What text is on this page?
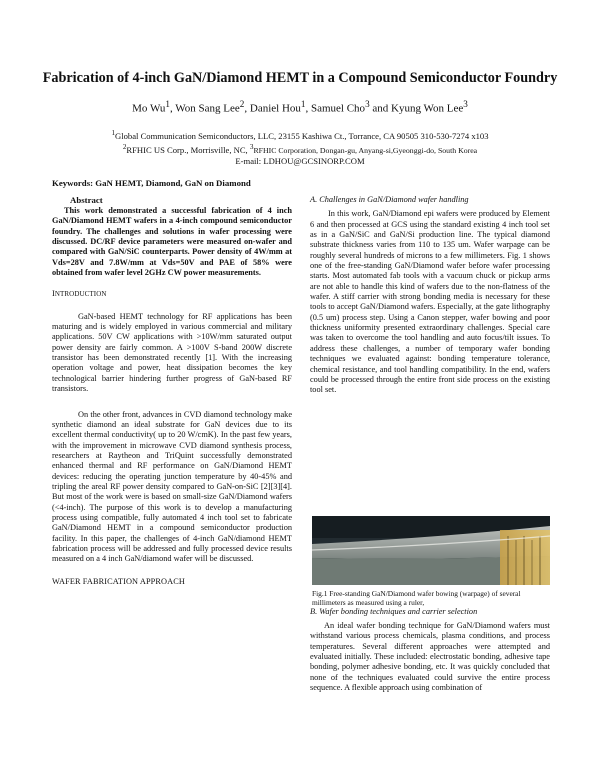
Fabrication of 4-inch GaN/Diamond HEMT in a Compound Semiconductor Foundry
Mo Wu$^1$, Won Sang Lee$^2$, Daniel Hou$^1$, Samuel Cho$^3$ and Kyung Won Lee$^3$
$^1$Global Communication Semiconductors, LLC, 23155 Kashiwa Ct., Torrance, CA 90505 310-530-7274 x103
$^2$RFHIC US Corp., Morrisville, NC, $^3$RFHIC Corporation, Dongan-gu, Anyang-si,Gyeonggi-do, South Korea
E-mail: LDHOU@GCSINORP.COM
Keywords: GaN HEMT, Diamond, GaN on Diamond
Abstract

This work demonstrated a successful fabrication of 4 inch GaN/Diamond HEMT wafers in a 4-inch compound semiconductor foundry. The challenges and solutions in wafer processing were discussed. DC/RF device parameters were measured on-wafer and compared with GaN/SiC counterparts. Power density of 4W/mm at Vds=28V and 7.8W/mm at Vds=50V and PAE of 58% were obtained from wafer level 2GHz CW power measurements.

INTRODUCTION

GaN-based HEMT technology for RF applications has been maturing and is widely employed in various commercial and military applications. 50V CW applications with >10W/mm saturated output power density are fairly common. A >100V S-band 200W discrete transistor has been demonstrated recently [1]. With the increasing operation voltage and power, heat dissipation becomes the key technological barrier hindering further progress of GaN-based RF transistors.

On the other front, advances in CVD diamond technology make synthetic diamond an ideal substrate for GaN devices due to its excellent thermal conductivity( up to 20 W/cmK). In the past few years, with the improvement in microwave CVD diamond synthesis process, researchers at Raytheon and TriQuint successfully demonstrated enhanced thermal and RF performance on GaN/Diamond HEMT devices: reducing the operating junction temperature by 40-45% and tripling the areal RF power density compared to GaN-on-SiC [2][3][4]. But most of the work were is based on small-size GaN/Diamond wafers (<4-inch). The purpose of this work is to develop a manufacturing process using compatible, fully automated 4 inch tool set to fabricate GaN/Diamond HEMT in a compound semiconductor production facility. In this paper, the challenges of 4-inch GaN/diamond HEMT fabrication process will be addressed and fully processed device results measured on a 4 inch GaN/diamond wafer will be discussed.

WAFER FABRICATION APPROACH
A. Challenges in GaN/Diamond wafer handling

In this work, GaN/Diamond epi wafers were produced by Element 6 and then processed at GCS using the standard existing 4 inch tool set as in a GaN/SiC and GaN/Si production line. The typical diamond substrate thickness varies from 110 to 135 um. Wafer warpage can be roughly several hundreds of microns to a few millimeters. Fig. 1 shows one of the free-standing GaN/Diamond wafer before wafer processing starts. Most automated fab tools with a vacuum chuck or pickup arms are not able to handle this kind of wafers due to the non-flatness of the wafer. A stiff carrier with strong bonding media is necessary for these tools to accept GaN/Diamond wafers. Especially, at the gate lithography (0.5 um) process step. Using a Canon stepper, wafer bowing and poor thickness uniformity presented extraordinary challenges. Special care was taken to overcome the tool handling and auto focus/tilt issues. To address these challenges, a number of temporary wafer bonding techniques we evaluated against: bonding temperature tolerance, chemical resistance, and tool handling compatibility. In the end, wafers could be processed through the entire front side process on the existing tool set.

Fig.1 Free-standing GaN/Diamond wafer bowing (warpage) of several millimeters as measured using a ruler,
B. Wafer bonding techniques and carrier selection

An ideal wafer bonding technique for GaN/Diamond wafers must withstand various process chemicals, plasma conditions, and process temperatures. Several different approaches were attempted and evaluated initially. These included: electrostatic bonding, adhesive tape bonding, polymer adhesive bonding, etc. It was quickly concluded that none of the techniques evaluated could survive the entire process sequence. A flexible approach using combination of
